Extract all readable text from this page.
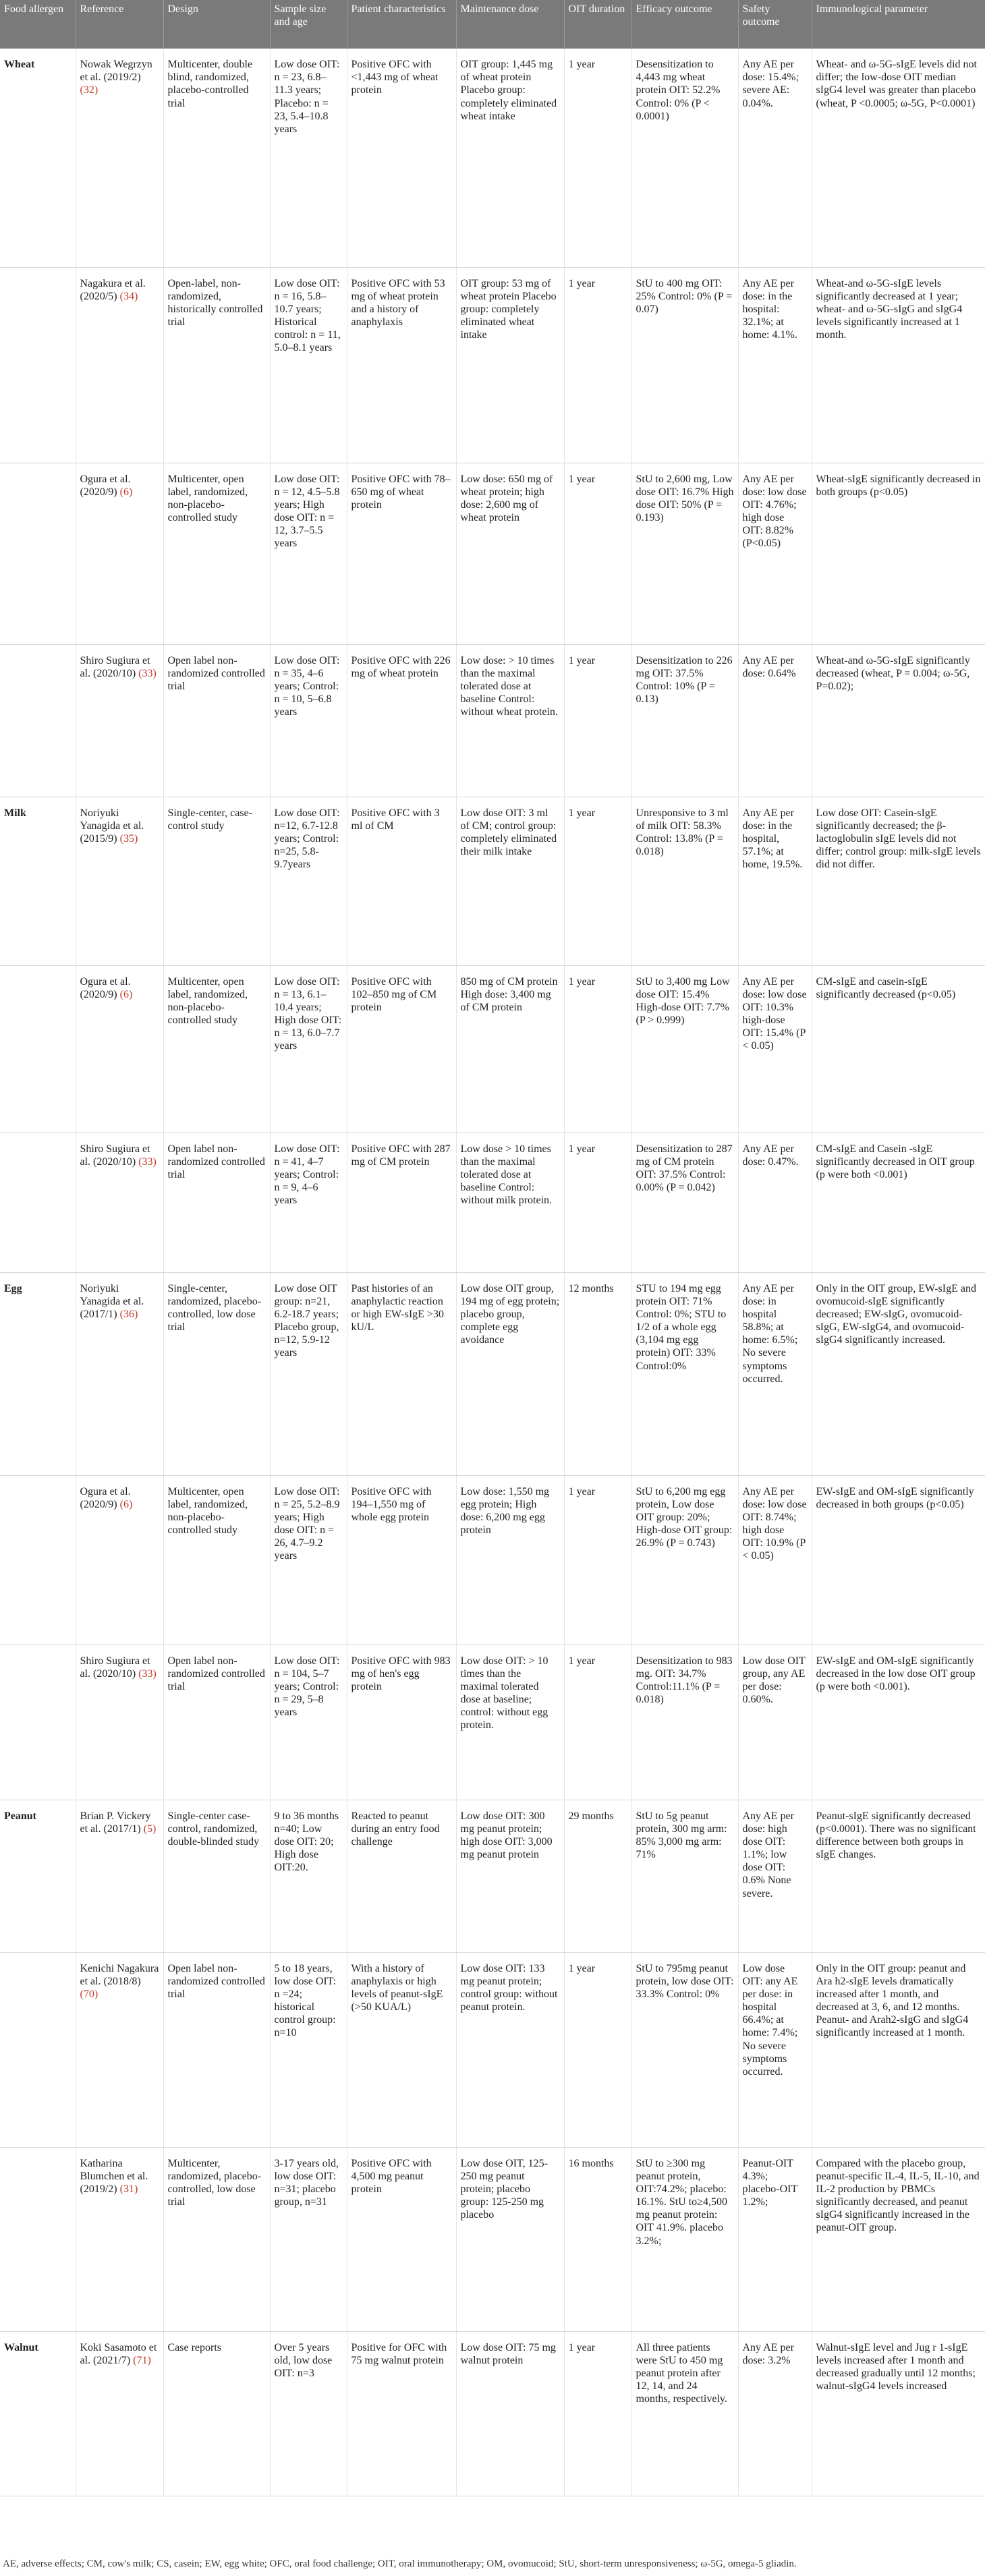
Food allergen	Reference	Design	Sample size and age	Patient characteristics	Maintenance dose	OIT duration	Efficacy outcome	Safety outcome	Immunological parameter
Wheat	Nowak Wegrzyn et al. (2019/2) (32)	Multicenter, double blind, randomized, placebo-controlled trial	Low dose OIT: n = 23, 6.8–11.3 years; Placebo: n = 23, 5.4–10.8 years	Positive OFC with <1,443 mg of wheat protein	OIT group: 1,445 mg of wheat protein Placebo group: completely eliminated wheat intake	1 year	Desensitization to 4,443 mg wheat protein OIT: 52.2% Control: 0% (P < 0.0001)	Any AE per dose: 15.4%; severe AE: 0.04%.	Wheat- and ω-5G-sIgE levels did not differ; the low-dose OIT median sIgG4 level was greater than placebo (wheat, P <0.0005; ω-5G, P<0.0001)
	Nagakura et al. (2020/5) (34)	Open-label, non-randomized, historically controlled trial	Low dose OIT: n = 16, 5.8–10.7 years; Historical control: n = 11, 5.0–8.1 years	Positive OFC with 53 mg of wheat protein and a history of anaphylaxis	OIT group: 53 mg of wheat protein Placebo group: completely eliminated wheat intake	1 year	StU to 400 mg OIT: 25% Control: 0% (P = 0.07)	Any AE per dose: in the hospital: 32.1%; at home: 4.1%.	Wheat-and ω-5G-sIgE levels significantly decreased at 1 year; wheat- and ω-5G-sIgG and sIgG4 levels significantly increased at 1 month.
	Ogura et al. (2020/9) (6)	Multicenter, open label, randomized, non-placebo-controlled study	Low dose OIT: n = 12, 4.5–5.8 years; High dose OIT: n = 12, 3.7–5.5 years	Positive OFC with 78–650 mg of wheat protein	Low dose: 650 mg of wheat protein; high dose: 2,600 mg of wheat protein	1 year	StU to 2,600 mg, Low dose OIT: 16.7% High dose OIT: 50% (P = 0.193)	Any AE per dose: low dose OIT: 4.76%; high dose OIT: 8.82% (P<0.05)	Wheat-sIgE significantly decreased in both groups (p<0.05)
	Shiro Sugiura et al. (2020/10) (33)	Open label non-randomized controlled trial	Low dose OIT: n = 35, 4–6 years; Control: n = 10, 5–6.8 years	Positive OFC with 226 mg of wheat protein	Low dose: > 10 times than the maximal tolerated dose at baseline Control: without wheat protein.	1 year	Desensitization to 226 mg OIT: 37.5% Control: 10% (P = 0.13)	Any AE per dose: 0.64%	Wheat-and ω-5G-sIgE significantly decreased (wheat, P = 0.004; ω-5G, P=0.02);
Milk	Noriyuki Yanagida et al. (2015/9) (35)	Single-center, case-control study	Low dose OIT: n=12, 6.7-12.8 years; Control: n=25, 5.8-9.7years	Positive OFC with 3 ml of CM	Low dose OIT: 3 ml of CM; control group: completely eliminated their milk intake	1 year	Unresponsive to 3 ml of milk OIT: 58.3% Control: 13.8% (P = 0.018)	Any AE per dose: in the hospital, 57.1%; at home, 19.5%.	Low dose OIT: Casein-sIgE significantly decreased; the β-lactoglobulin sIgE levels did not differ; control group: milk-sIgE levels did not differ.
	Ogura et al. (2020/9) (6)	Multicenter, open label, randomized, non-placebo-controlled study	Low dose OIT: n = 13, 6.1–10.4 years; High dose OIT: n = 13, 6.0–7.7 years	Positive OFC with 102–850 mg of CM protein	850 mg of CM protein High dose: 3,400 mg of CM protein	1 year	StU to 3,400 mg Low dose OIT: 15.4% High-dose OIT: 7.7% (P > 0.999)	Any AE per dose: low dose OIT: 10.3% high-dose OIT: 15.4% (P < 0.05)	CM-sIgE and casein-sIgE significantly decreased (p<0.05)
	Shiro Sugiura et al. (2020/10) (33)	Open label non-randomized controlled trial	Low dose OIT: n = 41, 4–7 years; Control: n = 9, 4–6 years	Positive OFC with 287 mg of CM protein	Low dose > 10 times than the maximal tolerated dose at baseline Control: without milk protein.	1 year	Desensitization to 287 mg of CM protein OIT: 37.5% Control: 0.00% (P = 0.042)	Any AE per dose: 0.47%.	CM-sIgE and Casein -sIgE significantly decreased in OIT group (p were both <0.001)
Egg	Noriyuki Yanagida et al. (2017/1) (36)	Single-center, randomized, placebo-controlled, low dose trial	Low dose OIT group: n=21, 6.2-18.7 years; Placebo group, n=12, 5.9-12 years	Past histories of an anaphylactic reaction or high EW-sIgE >30 kU/L	Low dose OIT group, 194 mg of egg protein; placebo group, complete egg avoidance	12 months	STU to 194 mg egg protein OIT: 71% Control: 0%; STU to 1/2 of a whole egg (3,104 mg egg protein) OIT: 33% Control:0%	Any AE per dose: in hospital 58.8%; at home: 6.5%; No severe symptoms occurred.	Only in the OIT group, EW-sIgE and ovomucoid-sIgE significantly decreased; EW-sIgG, ovomucoid-sIgG, EW-sIgG4, and ovomucoid-sIgG4 significantly increased.
	Ogura et al. (2020/9) (6)	Multicenter, open label, randomized, non-placebo-controlled study	Low dose OIT: n = 25, 5.2–8.9 years; High dose OIT: n = 26, 4.7–9.2 years	Positive OFC with 194–1,550 mg of whole egg protein	Low dose: 1,550 mg egg protein; High dose: 6,200 mg egg protein	1 year	StU to 6,200 mg egg protein, Low dose OIT group: 20%; High-dose OIT group: 26.9% (P = 0.743)	Any AE per dose: low dose OIT: 8.74%; high dose OIT: 10.9% (P < 0.05)	EW-sIgE and OM-sIgE significantly decreased in both groups (p<0.05)
	Shiro Sugiura et al. (2020/10) (33)	Open label non-randomized controlled trial	Low dose OIT: n = 104, 5–7 years; Control: n = 29, 5–8 years	Positive OFC with 983 mg of hen's egg protein	Low dose OIT: > 10 times than the maximal tolerated dose at baseline; control: without egg protein.	1 year	Desensitization to 983 mg. OIT: 34.7% Control:11.1% (P = 0.018)	Low dose OIT group, any AE per dose: 0.60%.	EW-sIgE and OM-sIgE significantly decreased in the low dose OIT group (p were both <0.001).
Peanut	Brian P. Vickery et al. (2017/1) (5)	Single-center case-control, randomized, double-blinded study	9 to 36 months n=40; Low dose OIT: 20; High dose OIT:20.	Reacted to peanut during an entry food challenge	Low dose OIT: 300 mg peanut protein; high dose OIT: 3,000 mg peanut protein	29 months	StU to 5g peanut protein, 300 mg arm: 85% 3,000 mg arm: 71%	Any AE per dose: high dose OIT: 1.1%; low dose OIT: 0.6% None severe.	Peanut-sIgE significantly decreased (p<0.0001). There was no significant difference between both groups in sIgE changes.
	Kenichi Nagakura et al. (2018/8) (70)	Open label non-randomized controlled trial	5 to 18 years, low dose OIT: n =24; historical control group: n=10	With a history of anaphylaxis or high levels of peanut-sIgE (>50 KUA/L)	Low dose OIT: 133 mg peanut protein; control group: without peanut protein.	1 year	StU to 795mg peanut protein, low dose OIT: 33.3% Control: 0%	Low dose OIT: any AE per dose: in hospital 66.4%; at home: 7.4%; No severe symptoms occurred.	Only in the OIT group: peanut and Ara h2-sIgE levels dramatically increased after 1 month, and decreased at 3, 6, and 12 months. Peanut- and Arah2-sIgG and sIgG4 significantly increased at 1 month.
	Katharina Blumchen et al. (2019/2) (31)	Multicenter, randomized, placebo-controlled, low dose trial	3-17 years old, low dose OIT: n=31; placebo group, n=31	Positive OFC with 4,500 mg peanut protein	Low dose OIT, 125-250 mg peanut protein; placebo group: 125-250 mg placebo	16 months	StU to ≥300 mg peanut protein, OIT:74.2%; placebo: 16.1%. StU to≥4,500 mg peanut protein: OIT 41.9%. placebo 3.2%;	Peanut-OIT 4.3%; placebo-OIT 1.2%;	Compared with the placebo group, peanut-specific IL-4, IL-5, IL-10, and IL-2 production by PBMCs significantly decreased, and peanut sIgG4 significantly increased in the peanut-OIT group.
Walnut	Koki Sasamoto et al. (2021/7) (71)	Case reports	Over 5 years old, low dose OIT: n=3	Positive for OFC with 75 mg walnut protein	Low dose OIT: 75 mg walnut protein	1 year	All three patients were StU to 450 mg peanut protein after 12, 14, and 24 months, respectively.	Any AE per dose: 3.2%	Walnut-sIgE level and Jug r 1-sIgE levels increased after 1 month and decreased gradually until 12 months; walnut-sIgG4 levels increased
AE, adverse effects; CM, cow's milk; CS, casein; EW, egg white; OFC, oral food challenge; OIT, oral immunotherapy; OM, ovomucoid; StU, short-term unresponsiveness; ω-5G, omega-5 gliadin.
